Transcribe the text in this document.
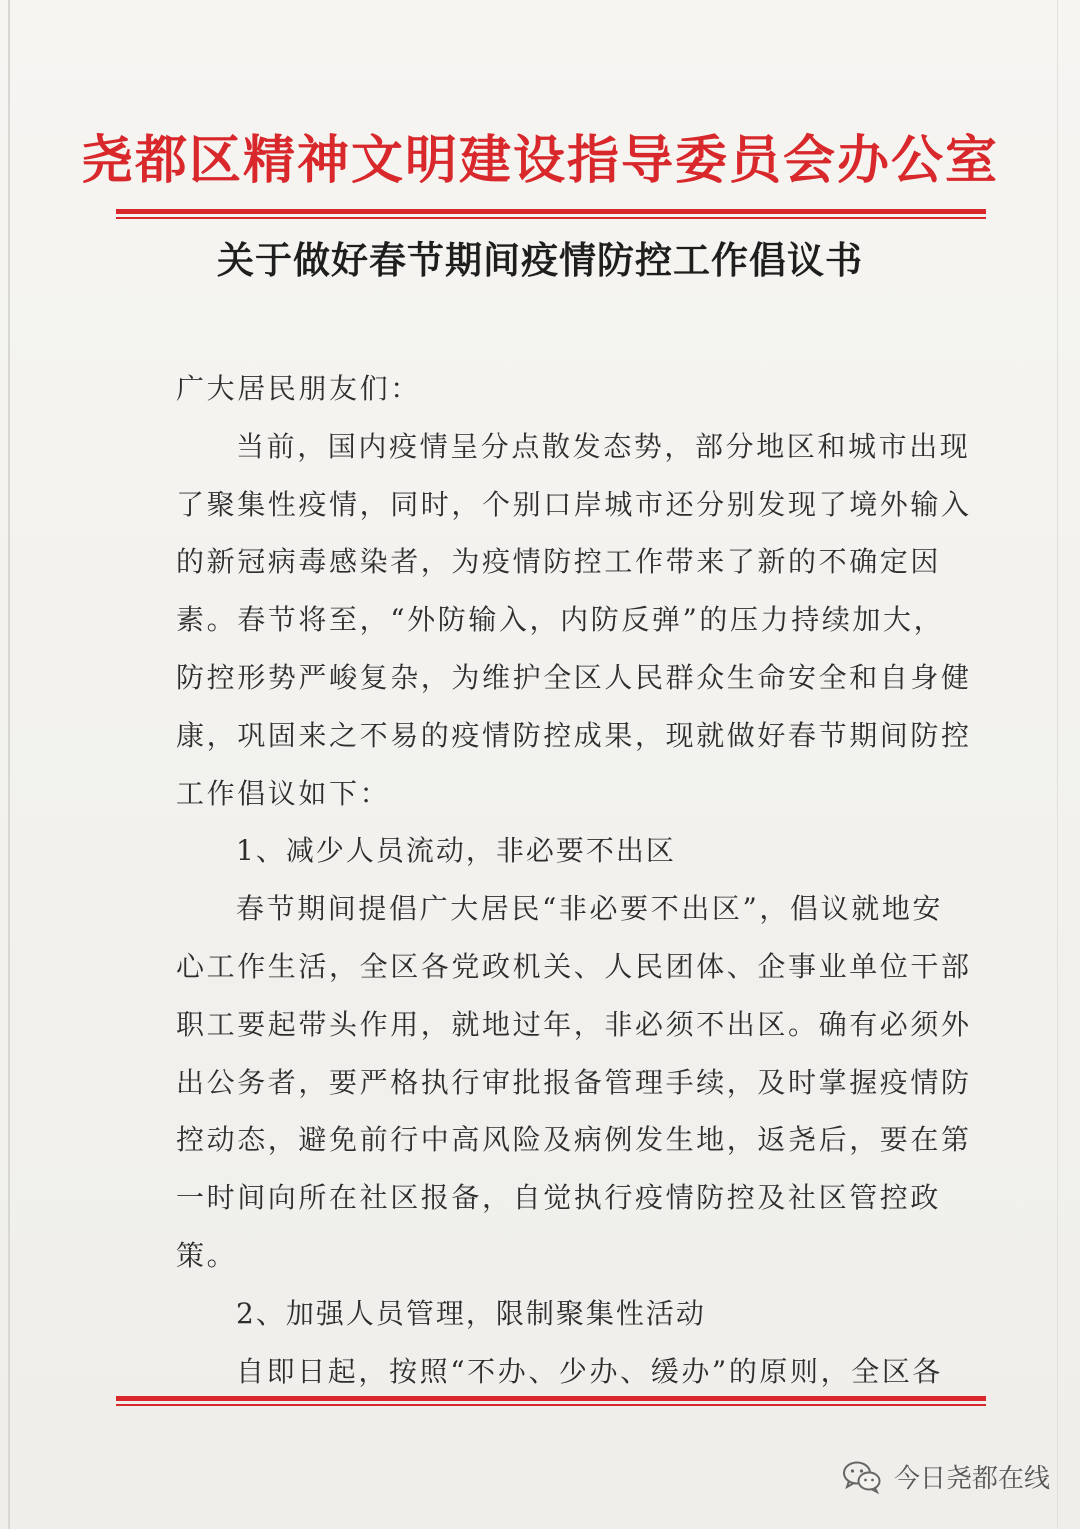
尧都区精神文明建设指导委员会办公室
关于做好春节期间疫情防控工作倡议书
广大居民朋友们：
当前，国内疫情呈分点散发态势，部分地区和城市出现
了聚集性疫情，同时，个别口岸城市还分别发现了境外输入
的新冠病毒感染者，为疫情防控工作带来了新的不确定因
素。春节将至，“外防输入，内防反弹”的压力持续加大，
防控形势严峻复杂，为维护全区人民群众生命安全和自身健
康，巩固来之不易的疫情防控成果，现就做好春节期间防控
工作倡议如下：
1、减少人员流动，非必要不出区
春节期间提倡广大居民“非必要不出区”，倡议就地安
心工作生活，全区各党政机关、人民团体、企事业单位干部
职工要起带头作用，就地过年，非必须不出区。确有必须外
出公务者，要严格执行审批报备管理手续，及时掌握疫情防
控动态，避免前行中高风险及病例发生地，返尧后，要在第
一时间向所在社区报备，自觉执行疫情防控及社区管控政
策。
2、加强人员管理，限制聚集性活动
自即日起，按照“不办、少办、缓办”的原则，全区各
今日尧都在线
